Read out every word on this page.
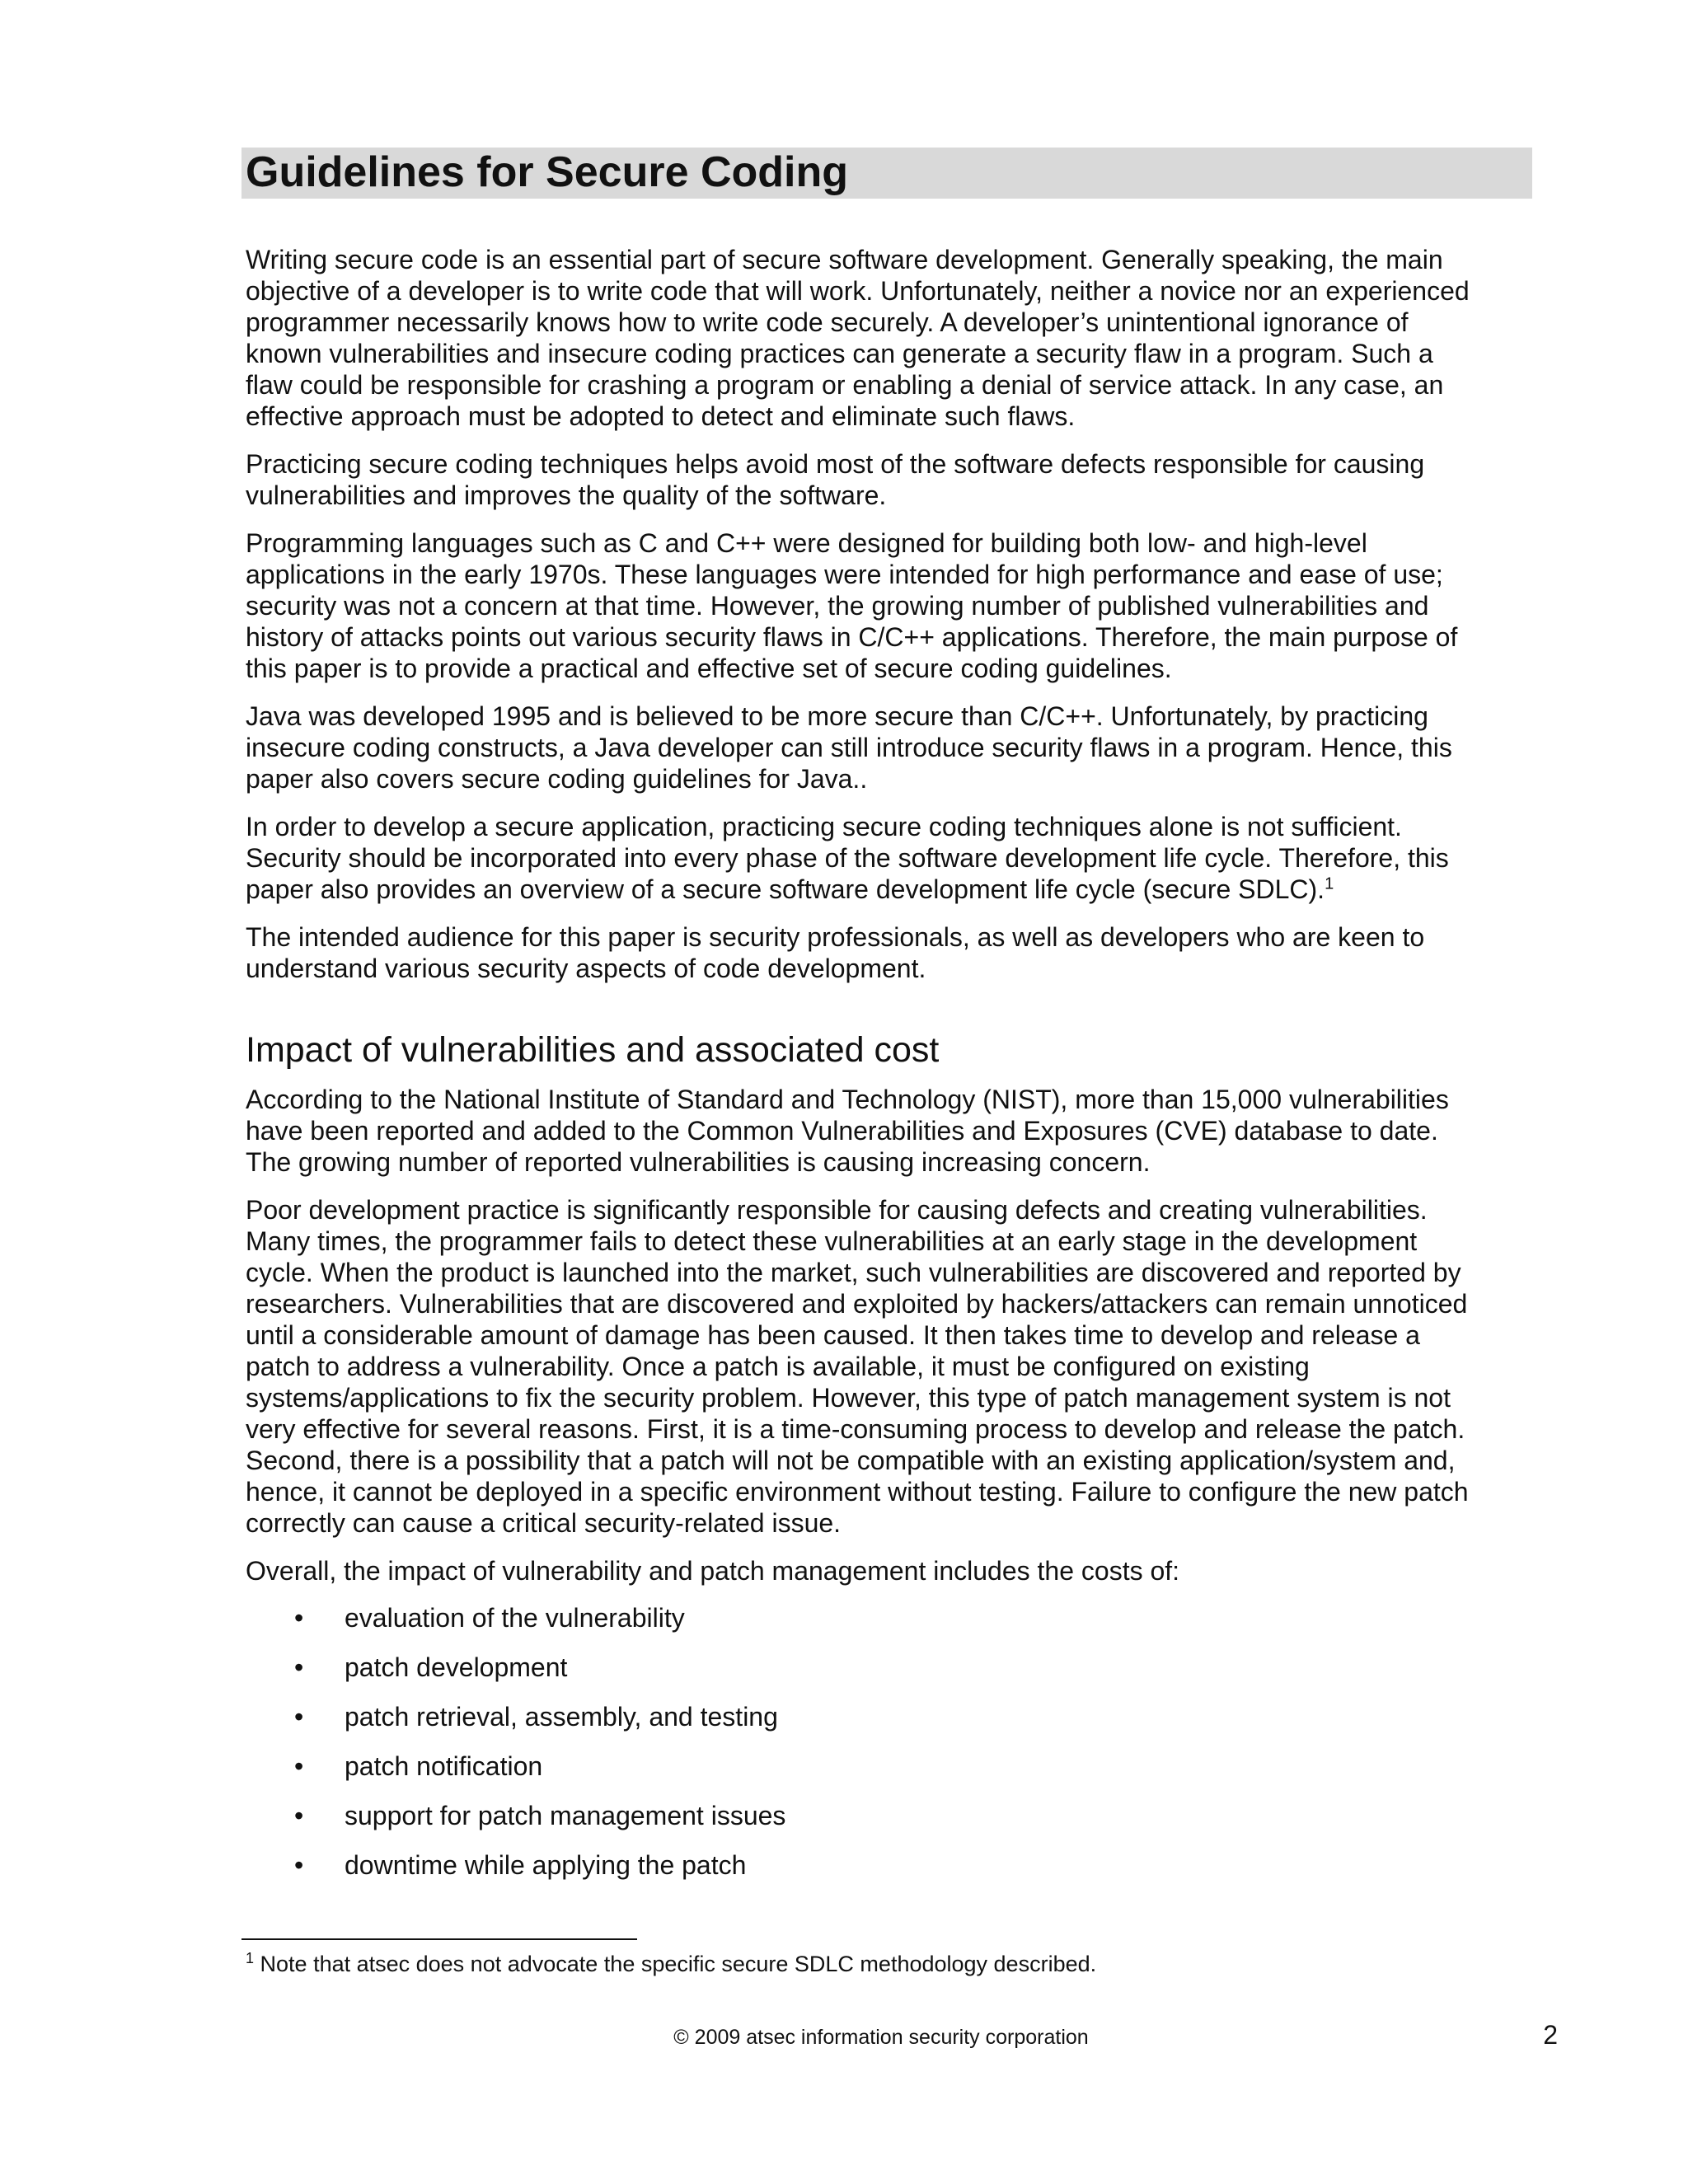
Guidelines for Secure Coding

Writing secure code is an essential part of secure software development. Generally speaking, the main
objective of a developer is to write code that will work. Unfortunately, neither a novice nor an experienced
programmer necessarily knows how to write code securely. A developer’s unintentional ignorance of
known vulnerabilities and insecure coding practices can generate a security flaw in a program. Such a
flaw could be responsible for crashing a program or enabling a denial of service attack. In any case, an
effective approach must be adopted to detect and eliminate such flaws.

Practicing secure coding techniques helps avoid most of the software defects responsible for causing
vulnerabilities and improves the quality of the software.

Programming languages such as C and C++ were designed for building both low- and high-level
applications in the early 1970s. These languages were intended for high performance and ease of use;
security was not a concern at that time. However, the growing number of published vulnerabilities and
history of attacks points out various security flaws in C/C++ applications. Therefore, the main purpose of
this paper is to provide a practical and effective set of secure coding guidelines.

Java was developed 1995 and is believed to be more secure than C/C++. Unfortunately, by practicing
insecure coding constructs, a Java developer can still introduce security flaws in a program. Hence, this
paper also covers secure coding guidelines for Java..

In order to develop a secure application, practicing secure coding techniques alone is not sufficient.
Security should be incorporated into every phase of the software development life cycle. Therefore, this
paper also provides an overview of a secure software development life cycle (secure SDLC).$^1$

The intended audience for this paper is security professionals, as well as developers who are keen to
understand various security aspects of code development.

Impact of vulnerabilities and associated cost

According to the National Institute of Standard and Technology (NIST), more than 15,000 vulnerabilities
have been reported and added to the Common Vulnerabilities and Exposures (CVE) database to date.
The growing number of reported vulnerabilities is causing increasing concern.

Poor development practice is significantly responsible for causing defects and creating vulnerabilities.
Many times, the programmer fails to detect these vulnerabilities at an early stage in the development
cycle. When the product is launched into the market, such vulnerabilities are discovered and reported by
researchers. Vulnerabilities that are discovered and exploited by hackers/attackers can remain unnoticed
until a considerable amount of damage has been caused. It then takes time to develop and release a
patch to address a vulnerability. Once a patch is available, it must be configured on existing
systems/applications to fix the security problem. However, this type of patch management system is not
very effective for several reasons. First, it is a time-consuming process to develop and release the patch.
Second, there is a possibility that a patch will not be compatible with an existing application/system and,
hence, it cannot be deployed in a specific environment without testing. Failure to configure the new patch
correctly can cause a critical security-related issue.

Overall, the impact of vulnerability and patch management includes the costs of:

• evaluation of the vulnerability
• patch development
• patch retrieval, assembly, and testing
• patch notification
• support for patch management issues
• downtime while applying the patch
$^1$ Note that atsec does not advocate the specific secure SDLC methodology described.
© 2009 atsec information security corporation	2
